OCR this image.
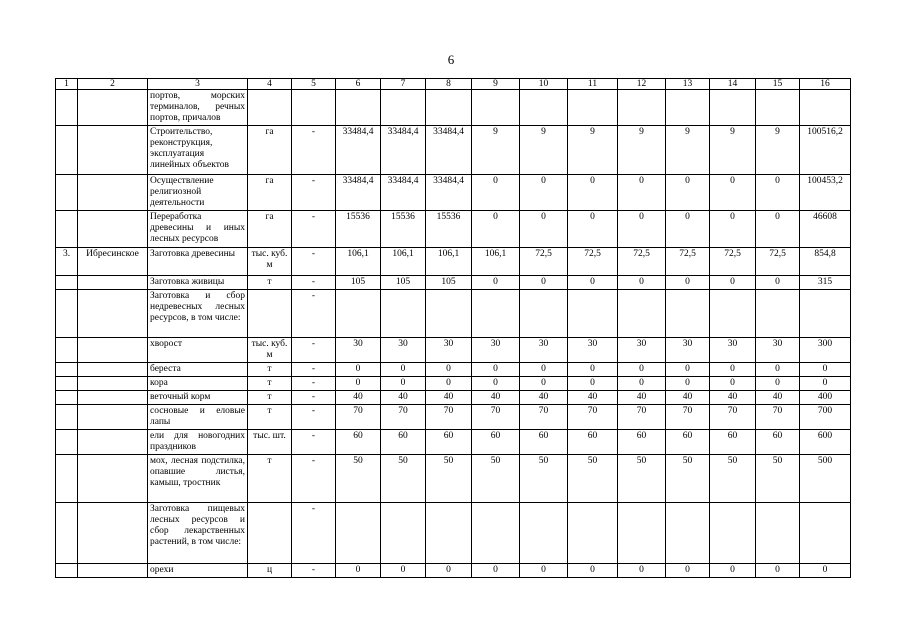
6
1	2	3	4	5	6	7	8	9	10	11	12	13	14	15	16
		портов, морских терминалов, речных портов, причалов													
		Строительство, реконструкция, эксплуатация линейных объектов	га	-	33484,4	33484,4	33484,4	9	9	9	9	9	9	9	100516,2
		Осуществление религиозной деятельности	га	-	33484,4	33484,4	33484,4	0	0	0	0	0	0	0	100453,2
		Переработка древесины и иных лесных ресурсов	га	-	15536	15536	15536	0	0	0	0	0	0	0	46608
3.	Ибресинское	Заготовка древесины	тыс. куб. м	-	106,1	106,1	106,1	106,1	72,5	72,5	72,5	72,5	72,5	72,5	854,8
		Заготовка живицы	т	-	105	105	105	0	0	0	0	0	0	0	315
		Заготовка и сбор недревесных лесных ресурсов, в том числе:		-											
		хворост	тыс. куб. м	-	30	30	30	30	30	30	30	30	30	30	300
		береста	т	-	0	0	0	0	0	0	0	0	0	0	0
		кора	т	-	0	0	0	0	0	0	0	0	0	0	0
		веточный корм	т	-	40	40	40	40	40	40	40	40	40	40	400
		сосновые и еловые лапы	т	-	70	70	70	70	70	70	70	70	70	70	700
		ели для новогодних праздников	тыс. шт.	-	60	60	60	60	60	60	60	60	60	60	600
		мох, лесная подстилка, опавшие листья, камыш, тростник	т	-	50	50	50	50	50	50	50	50	50	50	500
		Заготовка пищевых лесных ресурсов и сбор лекарственных растений, в том числе:		-											
		орехи	ц	-	0	0	0	0	0	0	0	0	0	0	0
